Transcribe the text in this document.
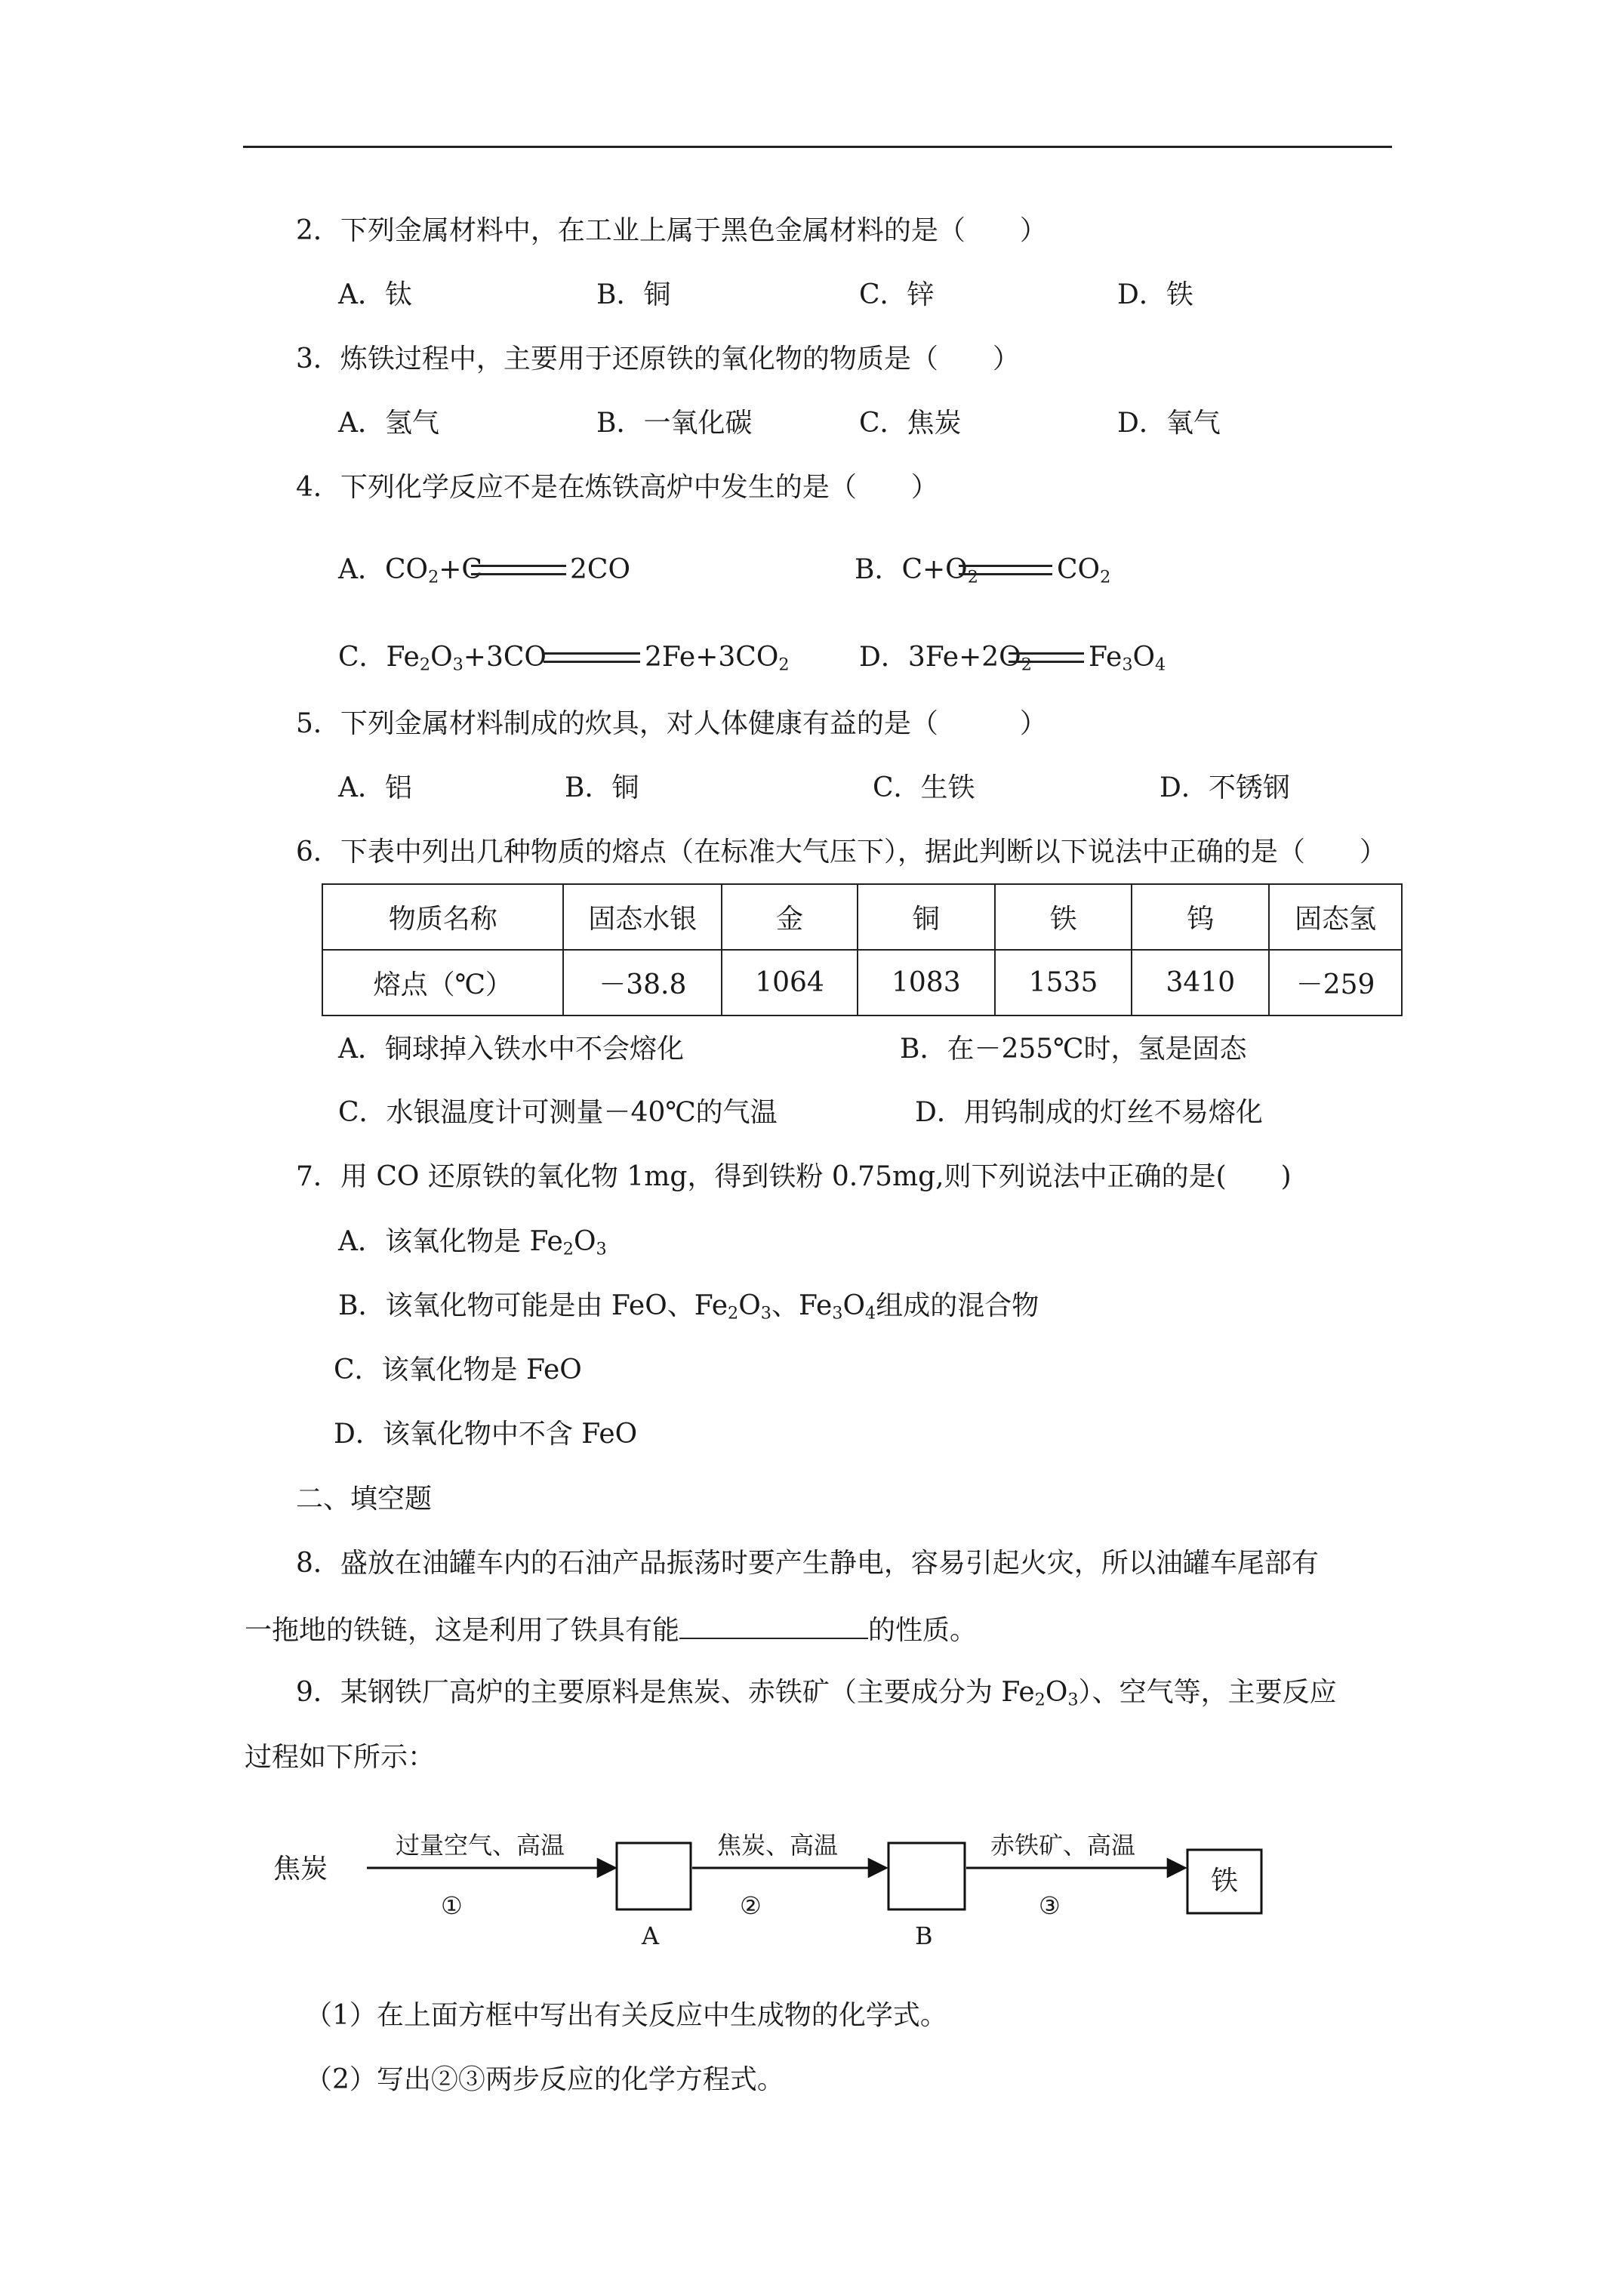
2．下列金属材料中，在工业上属于黑色金属材料的是（　　）
A．钛	B．铜	C．锌	D．铁
3．炼铁过程中，主要用于还原铁的氧化物的物质是（　　）
A．氢气	B．一氧化碳	C．焦炭	D．氧气
4．下列化学反应不是在炼铁高炉中发生的是（　　）
A．$CO_2+C$	2CO	B．$C+O_2$	$CO_2$
C．$Fe_2O_3+3CO$	$2Fe+3CO_2$	D．$3Fe+2O_2$ $Fe_3O_4$
5．下列金属材料制成的炊具，对人体健康有益的是（　　　）
A．铝	B．铜	C．生铁	D．不锈钢
6．下表中列出几种物质的熔点（在标准大气压下），据此判断以下说法中正确的是（　　）
物质名称	固态水银	金	铜	铁	钨	固态氢
熔点（℃）	－38.8	1064	1083	1535	3410	－259
A．铜球掉入铁水中不会熔化	B．在－255℃时，氢是固态
C．水银温度计可测量－40℃的气温	D．用钨制成的灯丝不易熔化
7．用 CO 还原铁的氧化物 1mg，得到铁粉 0.75mg,则下列说法中正确的是(　　)
A．该氧化物是 $Fe_2O_3$
B．该氧化物可能是由 FeO、$Fe_2O_3$、$Fe_3O_4$组成的混合物
C．该氧化物是 FeO
D．该氧化物中不含 FeO
二、填空题
8．盛放在油罐车内的石油产品振荡时要产生静电，容易引起火灾，所以油罐车尾部有
一拖地的铁链，这是利用了铁具有能	的性质。
9．某钢铁厂高炉的主要原料是焦炭、赤铁矿（主要成分为 $Fe_2O_3$）、空气等，主要反应
过程如下所示：
焦炭
过量空气、高温
①
A
焦炭、高温
②
B
赤铁矿、高温
③
铁
（1）在上面方框中写出有关反应中生成物的化学式。
（2）写出②③两步反应的化学方程式。
